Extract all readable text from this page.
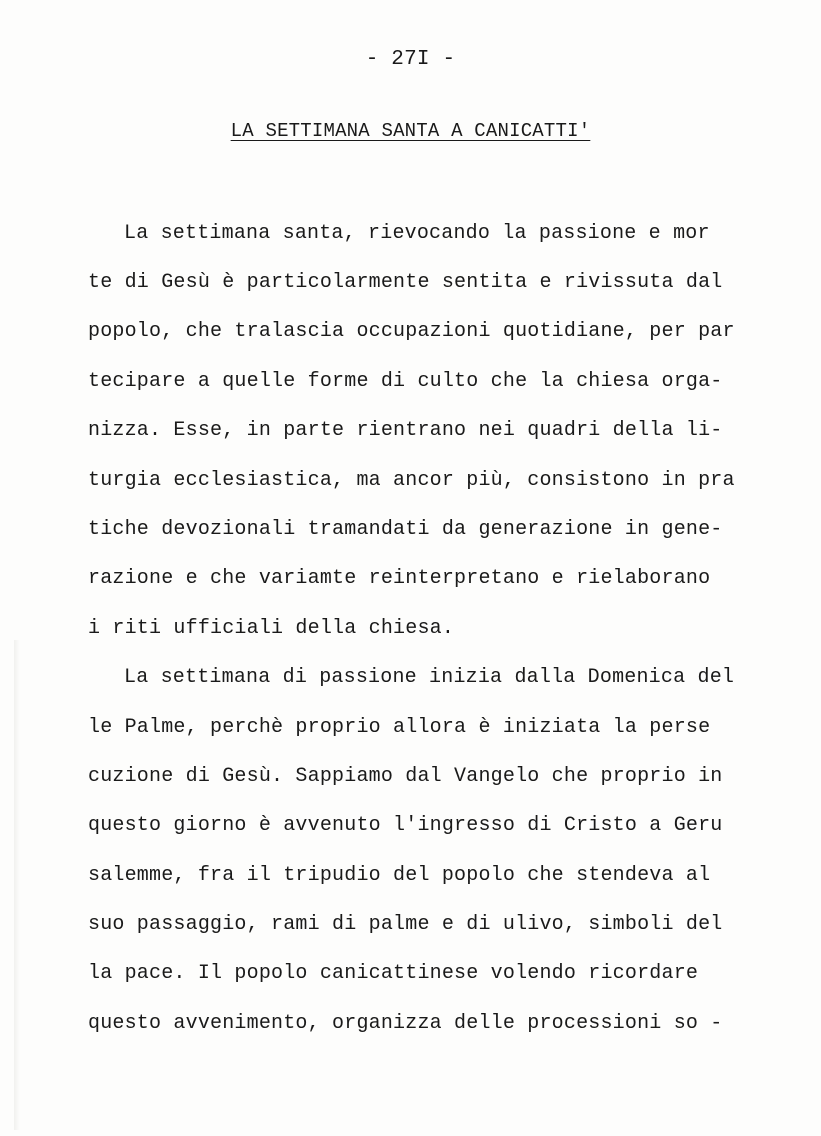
- 27I -
LA SETTIMANA SANTA A CANICATTI'
La settimana santa, rievocando la passione e mor
te di Gesù è particolarmente sentita e rivissuta dal
popolo, che tralascia occupazioni quotidiane, per par
tecipare a quelle forme di culto che la chiesa orga-
nizza. Esse, in parte rientrano nei quadri della li-
turgia ecclesiastica, ma ancor più, consistono in pra
tiche devozionali tramandati da generazione in gene-
razione e che variamte reinterpretano e rielaborano
i riti ufficiali della chiesa.
La settimana di passione inizia dalla Domenica del
le Palme, perchè proprio allora è iniziata la perse
cuzione di Gesù. Sappiamo dal Vangelo che proprio in
questo giorno è avvenuto l'ingresso di Cristo a Geru
salemme, fra il tripudio del popolo che stendeva al
suo passaggio, rami di palme e di ulivo, simboli del
la pace. Il popolo canicattinese volendo ricordare
questo avvenimento, organizza delle processioni so -
